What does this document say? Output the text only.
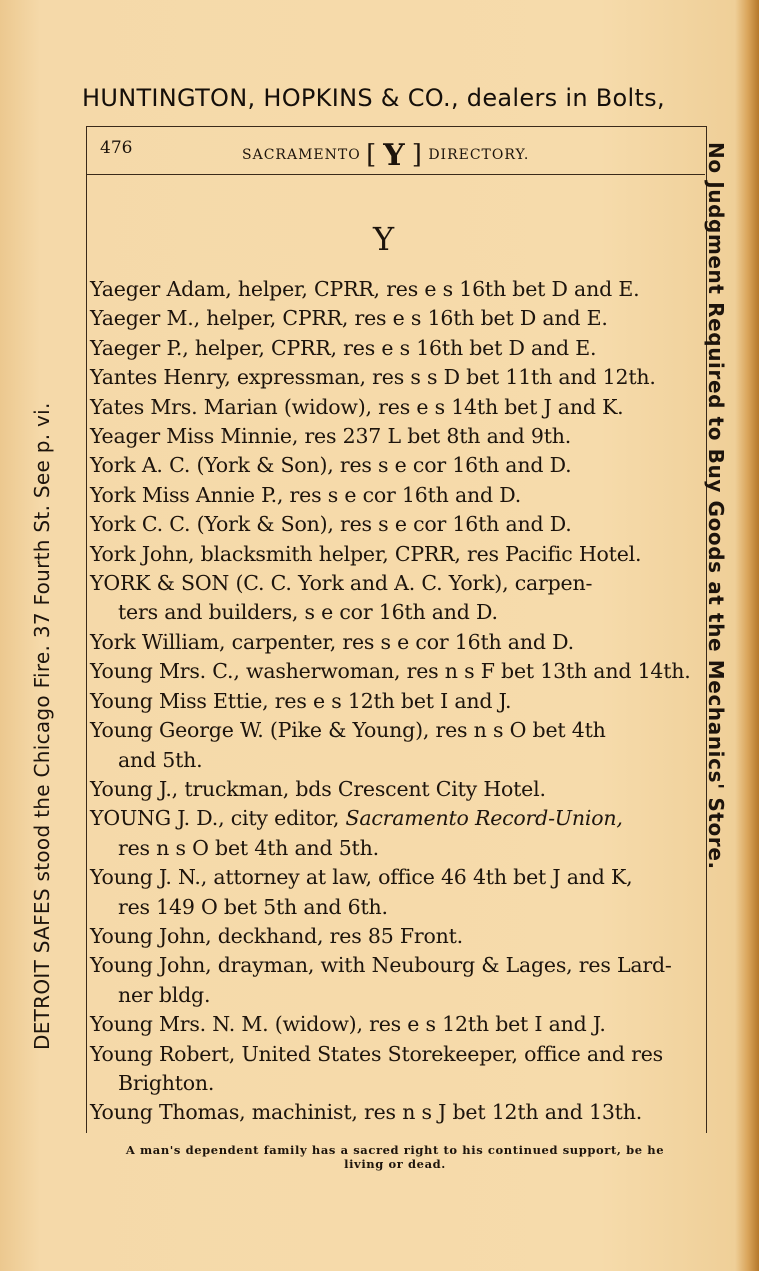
HUNTINGTON, HOPKINS & CO., dealers in Bolts,
476	SACRAMENTO [ Y ] DIRECTORY.
Y
Yaeger Adam, helper, CPRR, res e s 16th bet D and E.
Yaeger M., helper, CPRR, res e s 16th bet D and E.
Yaeger P., helper, CPRR, res e s 16th bet D and E.
Yantes Henry, expressman, res s s D bet 11th and 12th.
Yates Mrs. Marian (widow), res e s 14th bet J and K.
Yeager Miss Minnie, res 237 L bet 8th and 9th.
York A. C. (York & Son), res s e cor 16th and D.
York Miss Annie P., res s e cor 16th and D.
York C. C. (York & Son), res s e cor 16th and D.
York John, blacksmith helper, CPRR, res Pacific Hotel.
YORK & SON (C. C. York and A. C. York), carpen-
ters and builders, s e cor 16th and D.
York William, carpenter, res s e cor 16th and D.
Young Mrs. C., washerwoman, res n s F bet 13th and 14th.
Young Miss Ettie, res e s 12th bet I and J.
Young George W. (Pike & Young), res n s O bet 4th
and 5th.
Young J., truckman, bds Crescent City Hotel.
YOUNG J. D., city editor, Sacramento Record-Union,
res n s O bet 4th and 5th.
Young J. N., attorney at law, office 46 4th bet J and K,
res 149 O bet 5th and 6th.
Young John, deckhand, res 85 Front.
Young John, drayman, with Neubourg & Lages, res Lard-
ner bldg.
Young Mrs. N. M. (widow), res e s 12th bet I and J.
Young Robert, United States Storekeeper, office and res
Brighton.
Young Thomas, machinist, res n s J bet 12th and 13th.
DETROIT SAFES stood the Chicago Fire. 37 Fourth St. See p. vi.	No Judgment Required to Buy Goods at the Mechanics' Store.
A man's dependent family has a sacred right to his continued support, be he
living or dead.
